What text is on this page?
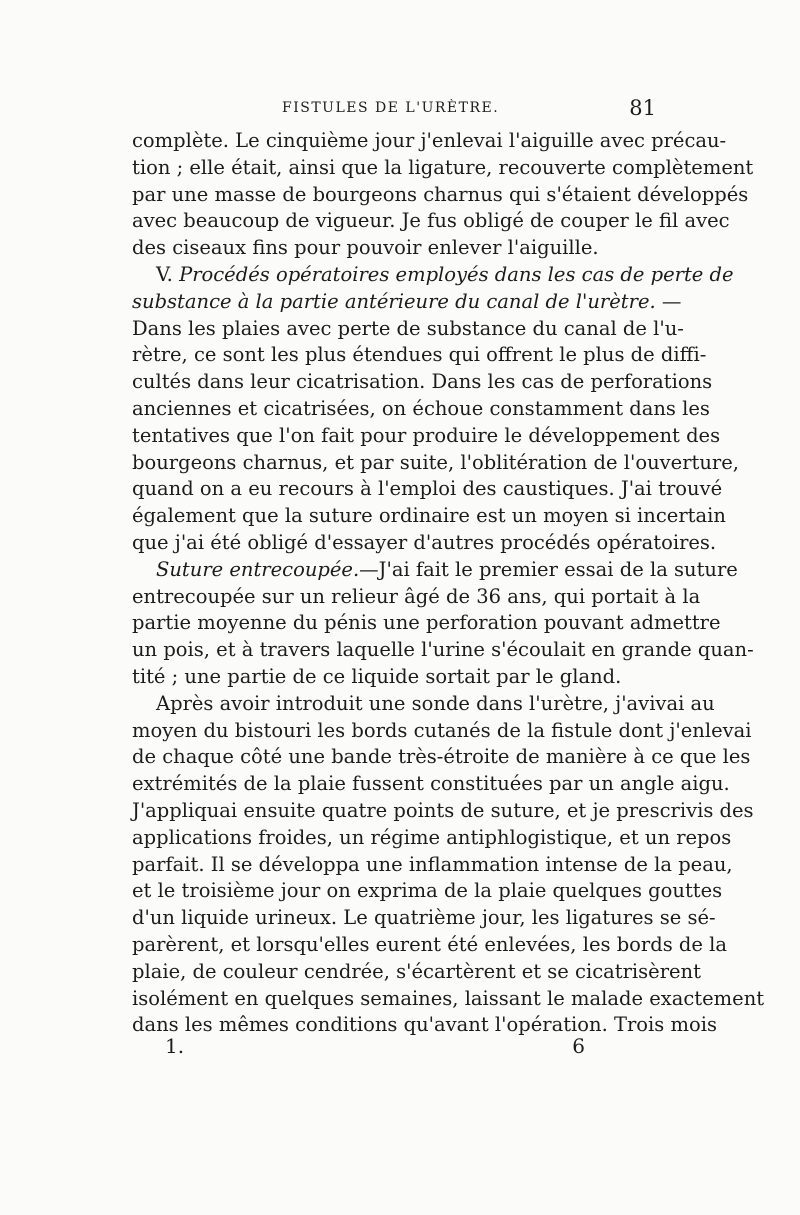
FISTULES DE L'URÈTRE.	81
complète. Le cinquième jour j'enlevai l'aiguille avec précau-
tion ; elle était, ainsi que la ligature, recouverte complètement
par une masse de bourgeons charnus qui s'étaient développés
avec beaucoup de vigueur. Je fus obligé de couper le fil avec
des ciseaux fins pour pouvoir enlever l'aiguille.
V. Procédés opératoires employés dans les cas de perte de
substance à la partie antérieure du canal de l'urètre. —
Dans les plaies avec perte de substance du canal de l'u-
rètre, ce sont les plus étendues qui offrent le plus de diffi-
cultés dans leur cicatrisation. Dans les cas de perforations
anciennes et cicatrisées, on échoue constamment dans les
tentatives que l'on fait pour produire le développement des
bourgeons charnus, et par suite, l'oblitération de l'ouverture,
quand on a eu recours à l'emploi des caustiques. J'ai trouvé
également que la suture ordinaire est un moyen si incertain
que j'ai été obligé d'essayer d'autres procédés opératoires.
Suture entrecoupée.—J'ai fait le premier essai de la suture
entrecoupée sur un relieur âgé de 36 ans, qui portait à la
partie moyenne du pénis une perforation pouvant admettre
un pois, et à travers laquelle l'urine s'écoulait en grande quan-
tité ; une partie de ce liquide sortait par le gland.
Après avoir introduit une sonde dans l'urètre, j'avivai au
moyen du bistouri les bords cutanés de la fistule dont j'enlevai
de chaque côté une bande très-étroite de manière à ce que les
extrémités de la plaie fussent constituées par un angle aigu.
J'appliquai ensuite quatre points de suture, et je prescrivis des
applications froides, un régime antiphlogistique, et un repos
parfait. Il se développa une inflammation intense de la peau,
et le troisième jour on exprima de la plaie quelques gouttes
d'un liquide urineux. Le quatrième jour, les ligatures se sé-
parèrent, et lorsqu'elles eurent été enlevées, les bords de la
plaie, de couleur cendrée, s'écartèrent et se cicatrisèrent
isolément en quelques semaines, laissant le malade exactement
dans les mêmes conditions qu'avant l'opération. Trois mois
1.	6
